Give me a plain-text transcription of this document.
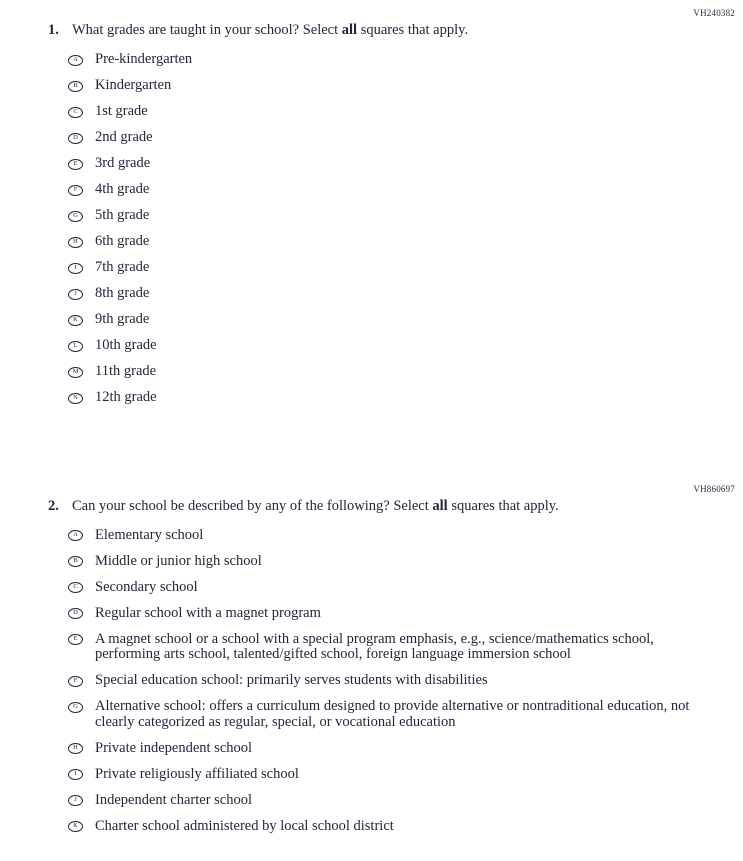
VH240382
1. What grades are taught in your school? Select all squares that apply.
A Pre-kindergarten
B Kindergarten
C 1st grade
D 2nd grade
E 3rd grade
F 4th grade
G 5th grade
H 6th grade
I 7th grade
J 8th grade
K 9th grade
L 10th grade
M 11th grade
N 12th grade
VH860697
2. Can your school be described by any of the following? Select all squares that apply.
A Elementary school
B Middle or junior high school
C Secondary school
D Regular school with a magnet program
E A magnet school or a school with a special program emphasis, e.g., science/mathematics school, performing arts school, talented/gifted school, foreign language immersion school
F Special education school: primarily serves students with disabilities
G Alternative school: offers a curriculum designed to provide alternative or nontraditional education, not clearly categorized as regular, special, or vocational education
H Private independent school
I Private religiously affiliated school
J Independent charter school
K Charter school administered by local school district
